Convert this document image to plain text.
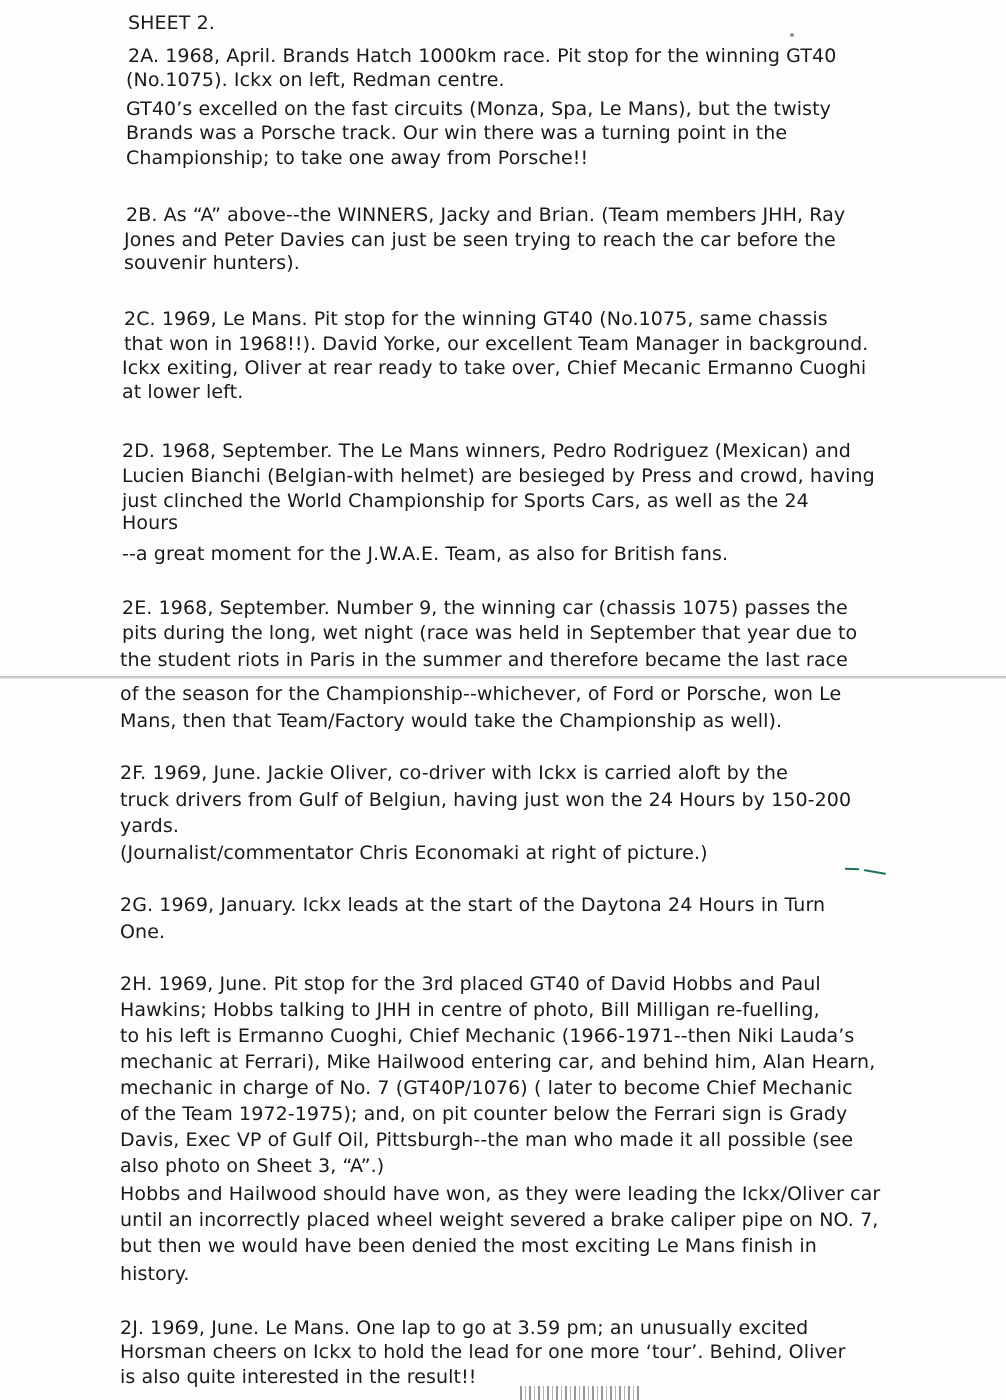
SHEET 2.
2A. 1968, April. Brands Hatch 1000km race. Pit stop for the winning GT40
(No.1075). Ickx on left, Redman centre.
GT40’s excelled on the fast circuits (Monza, Spa, Le Mans), but the twisty
Brands was a Porsche track. Our win there was a turning point in the
Championship; to take one away from Porsche!!
2B. As “A” above--the WINNERS, Jacky and Brian. (Team members JHH, Ray
Jones and Peter Davies can just be seen trying to reach the car before the
souvenir hunters).
2C. 1969, Le Mans. Pit stop for the winning GT40 (No.1075, same chassis
that won in 1968!!). David Yorke, our excellent Team Manager in background.
Ickx exiting, Oliver at rear ready to take over, Chief Mecanic Ermanno Cuoghi
at lower left.
2D. 1968, September. The Le Mans winners, Pedro Rodriguez (Mexican) and
Lucien Bianchi (Belgian-with helmet) are besieged by Press and crowd, having
just clinched the World Championship for Sports Cars, as well as the 24
Hours
--a great moment for the J.W.A.E. Team, as also for British fans.
2E. 1968, September. Number 9, the winning car (chassis 1075) passes the
pits during the long, wet night (race was held in September that year due to
the student riots in Paris in the summer and therefore became the last race
of the season for the Championship--whichever, of Ford or Porsche, won Le
Mans, then that Team/Factory would take the Championship as well).
2F. 1969, June. Jackie Oliver, co-driver with Ickx is carried aloft by the
truck drivers from Gulf of Belgiun, having just won the 24 Hours by 150-200
yards.
(Journalist/commentator Chris Economaki at right of picture.)
2G. 1969, January. Ickx leads at the start of the Daytona 24 Hours in Turn
One.
2H. 1969, June. Pit stop for the 3rd placed GT40 of David Hobbs and Paul
Hawkins; Hobbs talking to JHH in centre of photo, Bill Milligan re-fuelling,
to his left is Ermanno Cuoghi, Chief Mechanic (1966-1971--then Niki Lauda’s
mechanic at Ferrari), Mike Hailwood entering car, and behind him, Alan Hearn,
mechanic in charge of No. 7 (GT40P/1076) ( later to become Chief Mechanic
of the Team 1972-1975); and, on pit counter below the Ferrari sign is Grady
Davis, Exec VP of Gulf Oil, Pittsburgh--the man who made it all possible (see
also photo on Sheet 3, “A”.)
Hobbs and Hailwood should have won, as they were leading the Ickx/Oliver car
until an incorrectly placed wheel weight severed a brake caliper pipe on NO. 7,
but then we would have been denied the most exciting Le Mans finish in
history.
2J. 1969, June. Le Mans. One lap to go at 3.59 pm; an unusually excited
Horsman cheers on Ickx to hold the lead for one more ‘tour’. Behind, Oliver
is also quite interested in the result!!
